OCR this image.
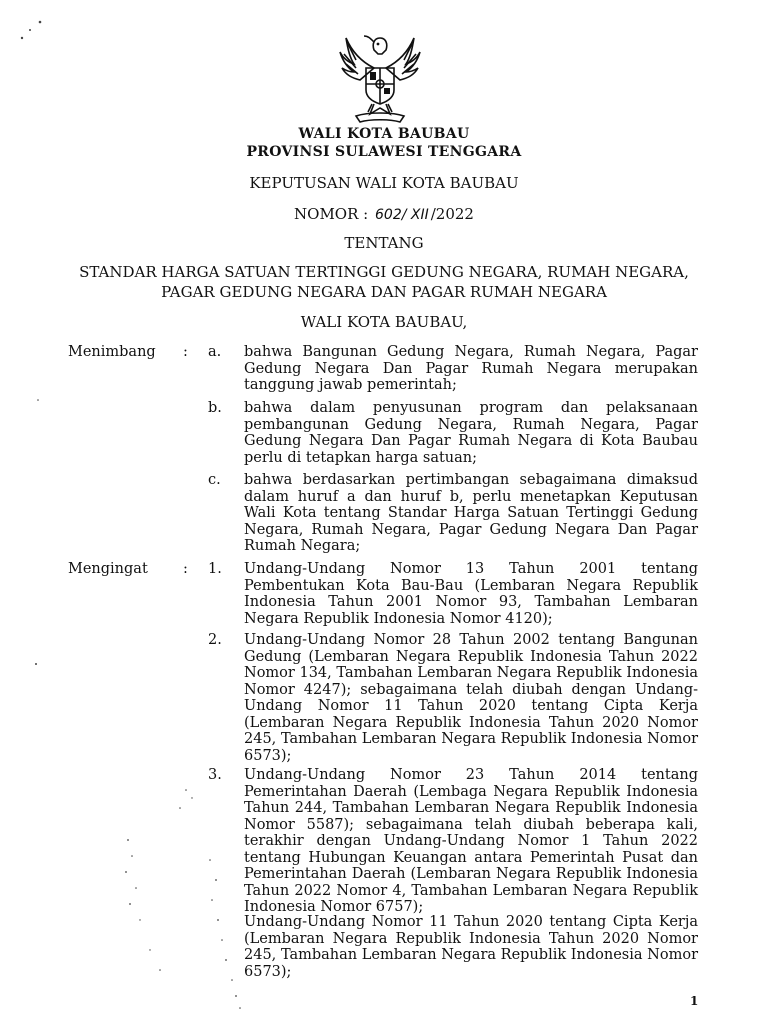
WALI KOTA BAUBAU
PROVINSI SULAWESI TENGGARA
KEPUTUSAN WALI KOTA BAUBAU
NOMOR : 602/ XII /2022
TENTANG
STANDAR HARGA SATUAN TERTINGGI GEDUNG NEGARA, RUMAH NEGARA,
PAGAR GEDUNG NEGARA DAN PAGAR RUMAH NEGARA
WALI KOTA BAUBAU,
Menimbang : a. bahwa Bangunan Gedung Negara, Rumah Negara, Pagar Gedung Negara Dan Pagar Rumah Negara merupakan tanggung jawab pemerintah;
b. bahwa dalam penyusunan program dan pelaksanaan pembangunan Gedung Negara, Rumah Negara, Pagar Gedung Negara Dan Pagar Rumah Negara di Kota Baubau perlu di tetapkan harga satuan;
c. bahwa berdasarkan pertimbangan sebagaimana dimaksud dalam huruf a dan huruf b, perlu menetapkan Keputusan Wali Kota tentang Standar Harga Satuan Tertinggi Gedung Negara, Rumah Negara, Pagar Gedung Negara Dan Pagar Rumah Negara;
Mengingat : 1. Undang-Undang Nomor 13 Tahun 2001 tentang Pembentukan Kota Bau-Bau (Lembaran Negara Republik Indonesia Tahun 2001 Nomor 93, Tambahan Lembaran Negara Republik Indonesia Nomor 4120);
2. Undang-Undang Nomor 28 Tahun 2002 tentang Bangunan Gedung (Lembaran Negara Republik Indonesia Tahun 2022 Nomor 134, Tambahan Lembaran Negara Republik Indonesia Nomor 4247); sebagaimana telah diubah dengan Undang-Undang Nomor 11 Tahun 2020 tentang Cipta Kerja (Lembaran Negara Republik Indonesia Tahun 2020 Nomor 245, Tambahan Lembaran Negara Republik Indonesia Nomor 6573);
3. Undang-Undang Nomor 23 Tahun 2014 tentang Pemerintahan Daerah (Lembaga Negara Republik Indonesia Tahun 244, Tambahan Lembaran Negara Republik Indonesia Nomor 5587); sebagaimana telah diubah beberapa kali, terakhir dengan Undang-Undang Nomor 1 Tahun 2022 tentang Hubungan Keuangan antara Pemerintah Pusat dan Pemerintahan Daerah (Lembaran Negara Republik Indonesia Tahun 2022 Nomor 4, Tambahan Lembaran Negara Republik Indonesia Nomor 6757);
Undang-Undang Nomor 11 Tahun 2020 tentang Cipta Kerja (Lembaran Negara Republik Indonesia Tahun 2020 Nomor 245, Tambahan Lembaran Negara Republik Indonesia Nomor 6573);
1
